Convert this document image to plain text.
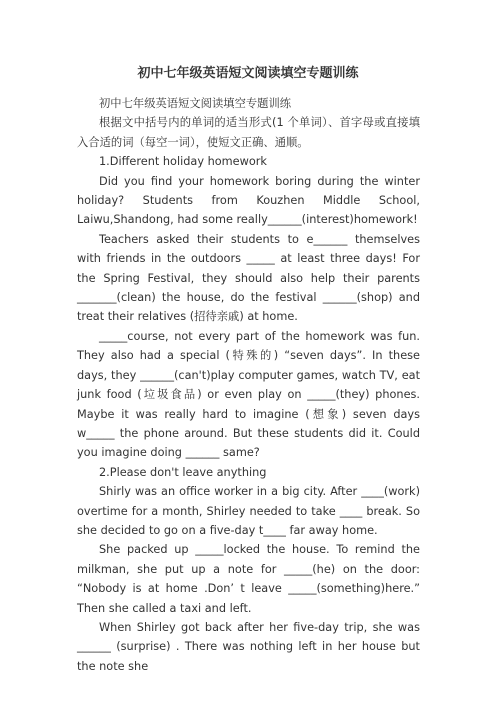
初中七年级英语短文阅读填空专题训练

初中七年级英语短文阅读填空专题训练

根据文中括号内的单词的适当形式(1 个单词）、首字母或直接填入合适的词（每空一词），使短文正确、通顺。

1.Different holiday homework

Did you find your homework boring during the winter holiday? Students from Kouzhen Middle School, Laiwu,Shandong, had some really______(interest)homework!

Teachers asked their students to e______ themselves with friends in the outdoors _____ at least three days! For the Spring Festival, they should also help their parents _______(clean) the house, do the festival ______(shop) and treat their relatives (招待亲戚) at home.

_____course, not every part of the homework was fun. They also had a special (特殊的) “seven days”. In these days, they ______(can't)play computer games, watch TV, eat junk food (垃圾食品) or even play on _____(they) phones. Maybe it was really hard to imagine (想象) seven days w_____ the phone around. But these students did it. Could you imagine doing ______ same?

2.Please don't leave anything

Shirly was an office worker in a big city. After ____(work) overtime for a month, Shirley needed to take ____ break. So she decided to go on a five-day t____ far away home.

She packed up _____locked the house. To remind the milkman, she put up a note for _____(he) on the door: “Nobody is at home .Don’ t leave _____(something)here.” Then she called a taxi and left.

When Shirley got back after her five-day trip, she was ______ (surprise) . There was nothing left in her house but the note she
